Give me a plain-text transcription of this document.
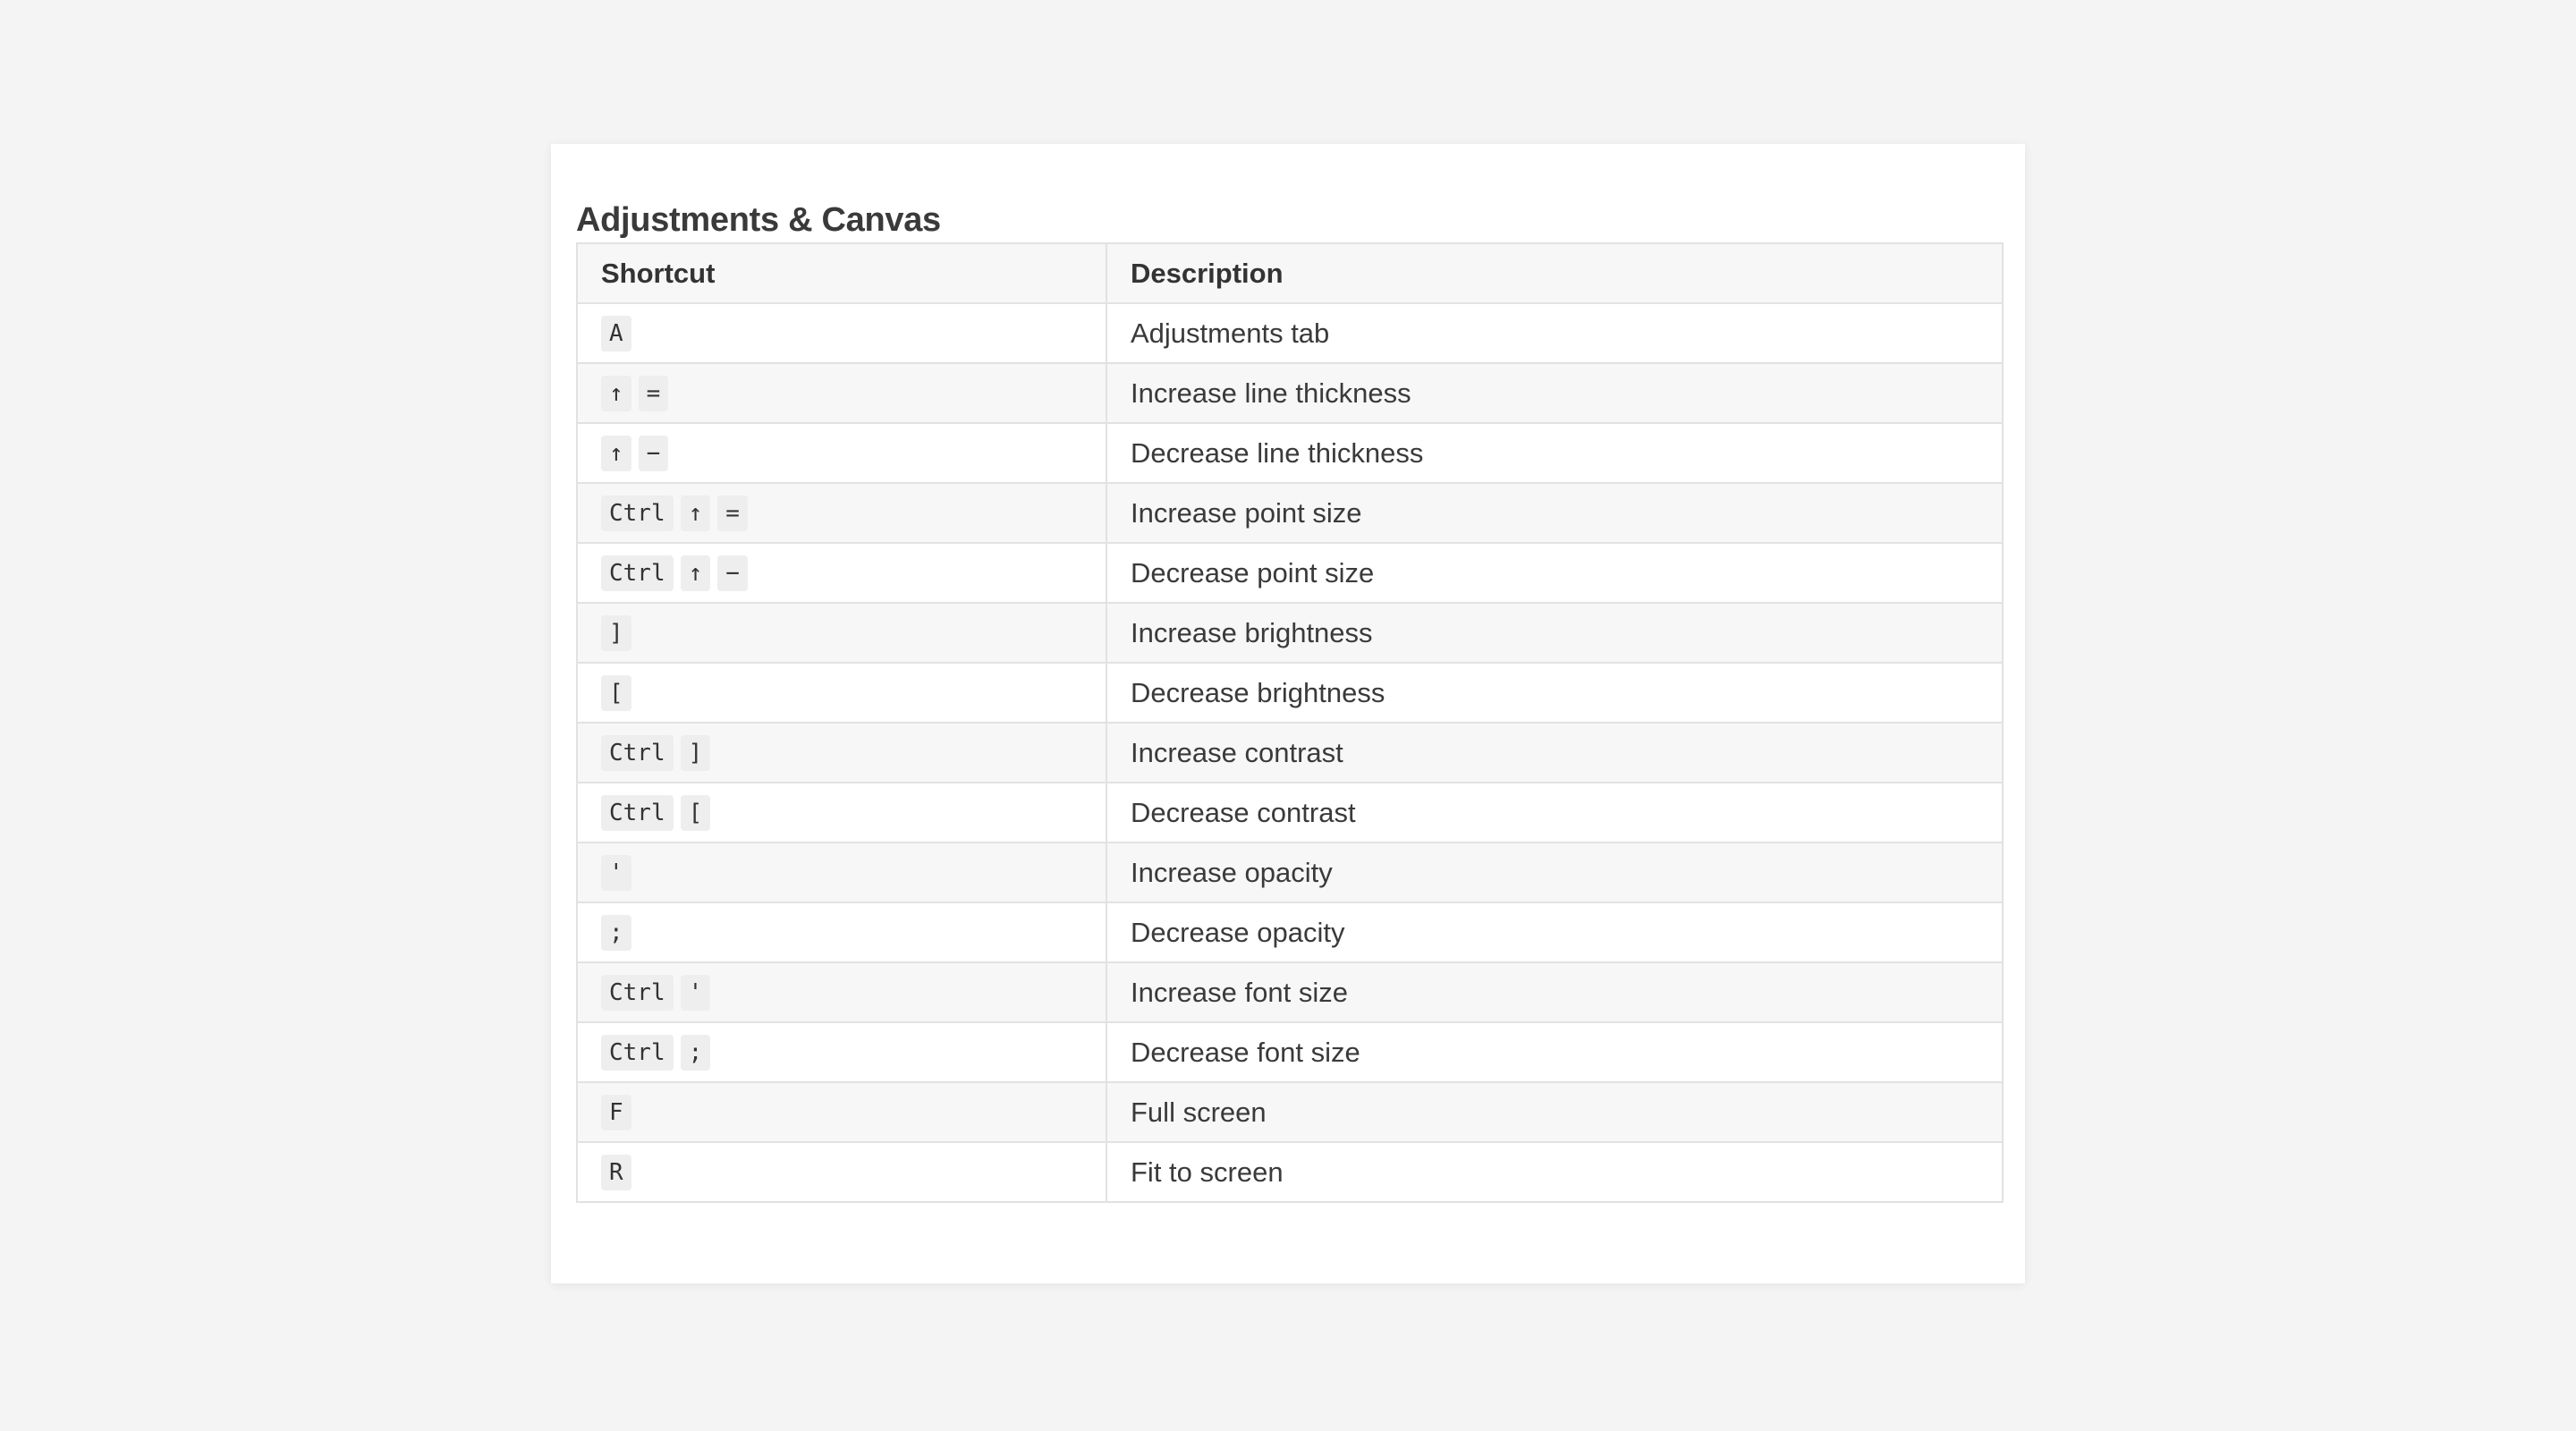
Adjustments & Canvas
Shortcut	Description

A	Adjustments tab

↑ =	Increase line thickness

↑ −	Decrease line thickness

Ctrl ↑ =	Increase point size

Ctrl ↑ −	Decrease point size

]	Increase brightness

[	Decrease brightness

Ctrl ]	Increase contrast

Ctrl [	Decrease contrast

'	Increase opacity

;	Decrease opacity

Ctrl '	Increase font size

Ctrl ;	Decrease font size

F	Full screen

R	Fit to screen
